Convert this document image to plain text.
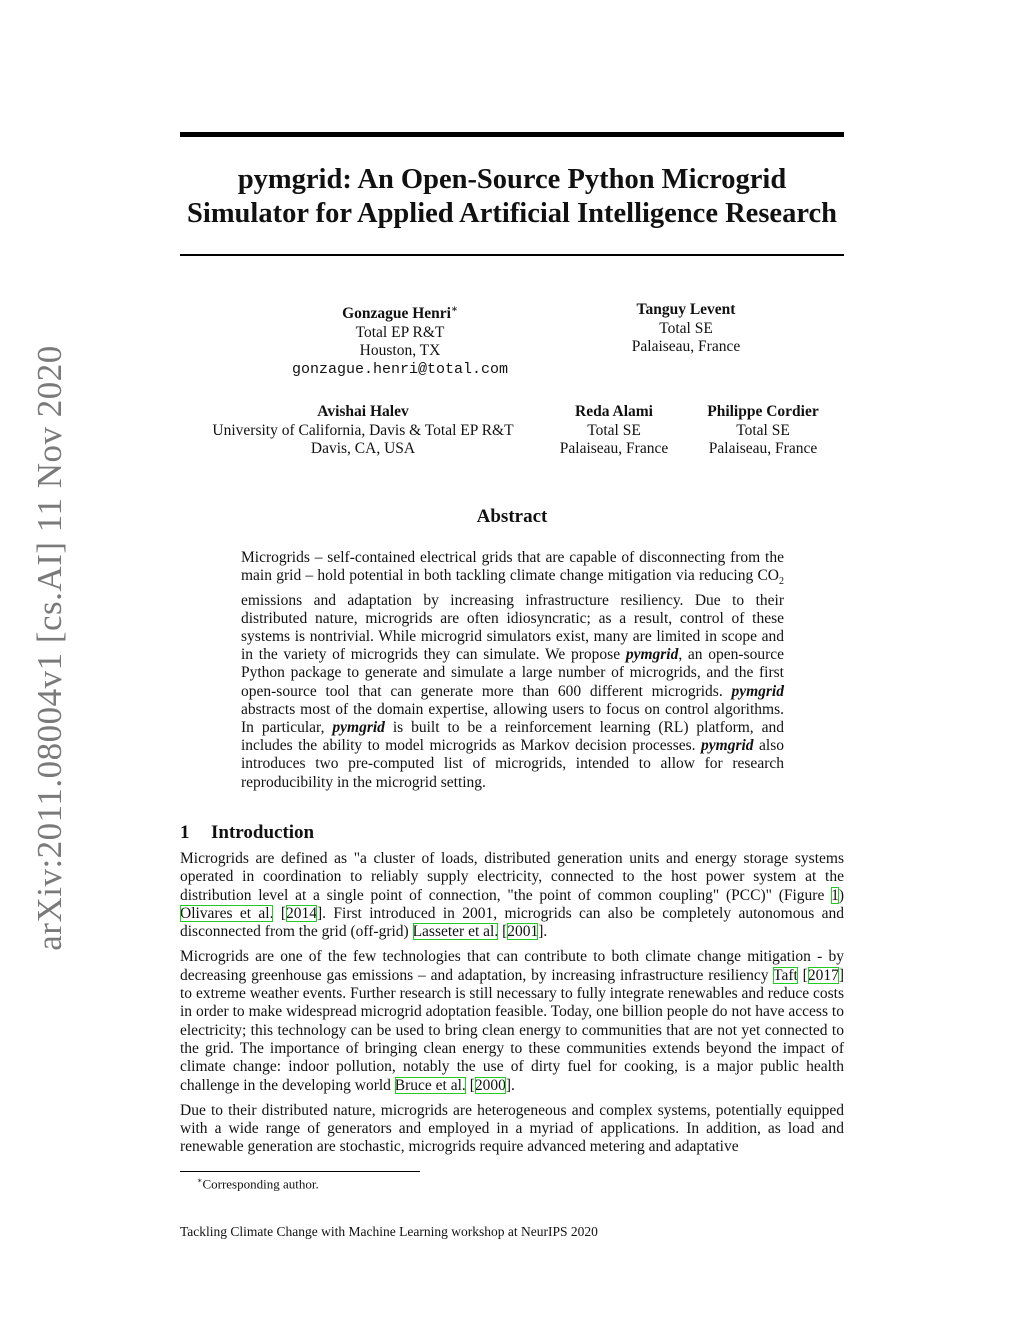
arXiv:2011.08004v1 [cs.AI] 11 Nov 2020
pymgrid: An Open-Source Python Microgrid
Simulator for Applied Artificial Intelligence Research
Gonzague Henri∗
Total EP R&T
Houston, TX
gonzague.henri@total.com
Tanguy Levent
Total SE
Palaiseau, France
Avishai Halev
University of California, Davis & Total EP R&T
Davis, CA, USA
Reda Alami
Total SE
Palaiseau, France
Philippe Cordier
Total SE
Palaiseau, France
Abstract

Microgrids – self-contained electrical grids that are capable of disconnecting from the main grid – hold potential in both tackling climate change mitigation via reducing $CO_2$ emissions and adaptation by increasing infrastructure resiliency. Due to their distributed nature, microgrids are often idiosyncratic; as a result, control of these systems is nontrivial. While microgrid simulators exist, many are limited in scope and in the variety of microgrids they can simulate. We propose pymgrid, an open-source Python package to generate and simulate a large number of microgrids, and the first open-source tool that can generate more than 600 different microgrids. pymgrid abstracts most of the domain expertise, allowing users to focus on control algorithms. In particular, pymgrid is built to be a reinforcement learning (RL) platform, and includes the ability to model microgrids as Markov decision processes. pymgrid also introduces two pre-computed list of microgrids, intended to allow for research reproducibility in the microgrid setting.

1 Introduction

Microgrids are defined as "a cluster of loads, distributed generation units and energy storage systems operated in coordination to reliably supply electricity, connected to the host power system at the distribution level at a single point of connection, "the point of common coupling" (PCC)" (Figure 1) Olivares et al. [2014]. First introduced in 2001, microgrids can also be completely autonomous and disconnected from the grid (off-grid) Lasseter et al. [2001].

Microgrids are one of the few technologies that can contribute to both climate change mitigation - by decreasing greenhouse gas emissions – and adaptation, by increasing infrastructure resiliency Taft [2017] to extreme weather events. Further research is still necessary to fully integrate renewables and reduce costs in order to make widespread microgrid adoptation feasible. Today, one billion people do not have access to electricity; this technology can be used to bring clean energy to communities that are not yet connected to the grid. The importance of bringing clean energy to these communities extends beyond the impact of climate change: indoor pollution, notably the use of dirty fuel for cooking, is a major public health challenge in the developing world Bruce et al. [2000].

Due to their distributed nature, microgrids are heterogeneous and complex systems, potentially equipped with a wide range of generators and employed in a myriad of applications. In addition, as load and renewable generation are stochastic, microgrids require advanced metering and adaptative

∗Corresponding author.
Tackling Climate Change with Machine Learning workshop at NeurIPS 2020
